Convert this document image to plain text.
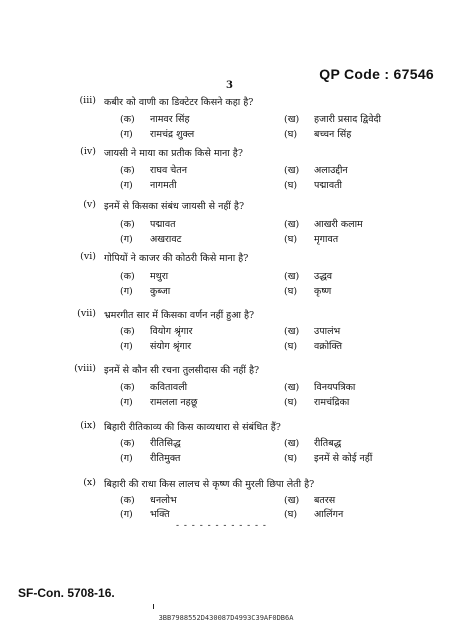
QP Code : 67546
3
(iii) कबीर को वाणी का डिक्टेटर किसने कहा है?
(क) नामवर सिंह	(ख) हजारी प्रसाद द्विवेदी
(ग) रामचंद्र शुक्ल	(घ) बच्चन सिंह
(iv) जायसी ने माया का प्रतीक किसे माना है?
(क) राघव चेतन	(ख) अलाउद्दीन
(ग) नागमती	(घ) पद्मावती
(v) इनमें से किसका संबंध जायसी से नहीं है?
(क) पद्मावत	(ख) आखरी कलाम
(ग) अखरावट	(घ) मृगावत
(vi) गोपियों ने काजर की कोठरी किसे माना है?
(क) मथुरा	(ख) उद्धव
(ग) कुब्जा	(घ) कृष्ण
(vii) भ्रमरगीत सार में किसका वर्णन नहीं हुआ है?
(क) वियोग श्रृंगार	(ख) उपालंभ
(ग) संयोग श्रृंगार	(घ) वक्रोक्ति
(viii) इनमें से कौन सी रचना तुलसीदास की नहीं है?
(क) कवितावली	(ख) विनयपत्रिका
(ग) रामलला नहछू	(घ) रामचंद्रिका
(ix) बिहारी रीतिकाव्य की किस काव्यधारा से संबंधित हैं?
(क) रीतिसिद्ध	(ख) रीतिबद्ध
(ग) रीतिमुक्त	(घ) इनमें से कोई नहीं
(x) बिहारी की राधा किस लालच से कृष्ण की मुरली छिपा लेती है?
(क) धनलोभ	(ख) बतरस
(ग) भक्ति	(घ) आलिंगन
- - - - - - - - - - - -
SF-Con. 5708-16.
3BB7988552D430087D4993C39AF0DB6A
